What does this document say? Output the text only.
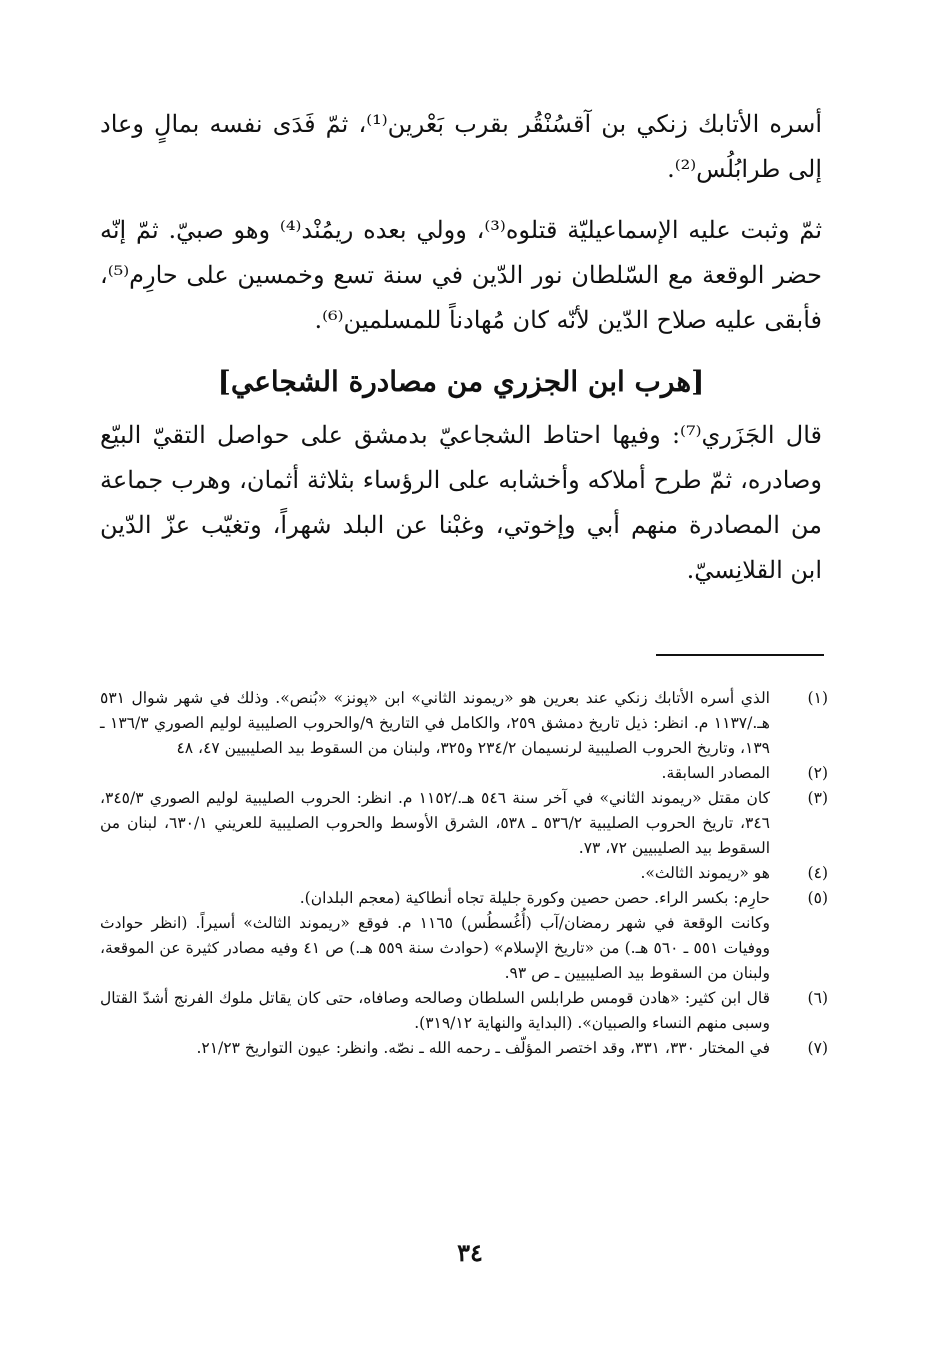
أسره الأتابك زنكي بن آقسُنْقُر بقرب بَعْرين⁽¹⁾، ثمّ فَدَى نفسه بمالٍ وعاد إلى طرابُلُس⁽²⁾.
ثمّ وثبت عليه الإسماعيليّة قتلوه⁽³⁾، وولي بعده ريمُنْد⁽⁴⁾ وهو صبيّ. ثمّ إنّه حضر الوقعة مع السّلطان نور الدّين في سنة تسع وخمسين على حارِم⁽⁵⁾، فأبقى عليه صلاح الدّين لأنّه كان مُهادناً للمسلمين⁽⁶⁾.
[هرب ابن الجزري من مصادرة الشجاعي]
قال الجَزَري⁽⁷⁾: وفيها احتاط الشجاعيّ بدمشق على حواصل التقيّ البيّع وصادره، ثمّ طرح أملاكه وأخشابه على الرؤساء بثلاثة أثمان، وهرب جماعة من المصادرة منهم أبي وإخوتي، وغبْنا عن البلد شهراً، وتغيّب عزّ الدّين ابن القلانِسيّ.
(١)
الذي أسره الأتابك زنكي عند بعرين هو «ريموند الثاني» ابن «پونز» «بُنص». وذلك في شهر شوال ٥٣١ هـ./١١٣٧ م. انظر: ذيل تاريخ دمشق ٢٥٩، والكامل في التاريخ ٩/والحروب الصليبية لوليم الصوري ١٣٦/٣ ـ ١٣٩، وتاريخ الحروب الصليبية لرنسيمان ٢٣٤/٢ و٣٢٥، ولبنان من السقوط بيد الصليبيين ٤٧، ٤٨
(٢)
المصادر السابقة.
(٣)
كان مقتل «ريموند الثاني» في آخر سنة ٥٤٦ هـ./١١٥٢ م. انظر: الحروب الصليبية لوليم الصوري ٣٤٥/٣، ٣٤٦، تاريخ الحروب الصليبية ٥٣٦/٢ ـ ٥٣٨، الشرق الأوسط والحروب الصليبية للعريني ٦٣٠/١، لبنان من السقوط بيد الصليبيين ٧٢، ٧٣.
(٤)
هو «ريموند الثالث».
(٥)
حارِم: بكسر الراء. حصن حصين وكورة جليلة تجاه أنطاكية (معجم البلدان).
وكانت الوقعة في شهر رمضان/آب (أُغُسطُس) ١١٦٥ م. فوقع «ريموند الثالث» أسيراً. (انظر حوادث ووفيات ٥٥١ ـ ٥٦٠ هـ.) من «تاريخ الإسلام» (حوادث سنة ٥٥٩ هـ.) ص ٤١ وفيه مصادر كثيرة عن الموقعة، ولبنان من السقوط بيد الصليبيين ـ ص ٩٣.
(٦)
قال ابن كثير: «هادن قومس طرابلس السلطان وصالحه وصافاه، حتى كان يقاتل ملوك الفرنج أشدّ القتال وسبى منهم النساء والصبيان». (البداية والنهاية ٣١٩/١٢).
(٧)
في المختار ٣٣٠، ٣٣١، وقد اختصر المؤلّف ـ رحمه الله ـ نصّه. وانظر: عيون التواريخ ٢١/٢٣.
٣٤
